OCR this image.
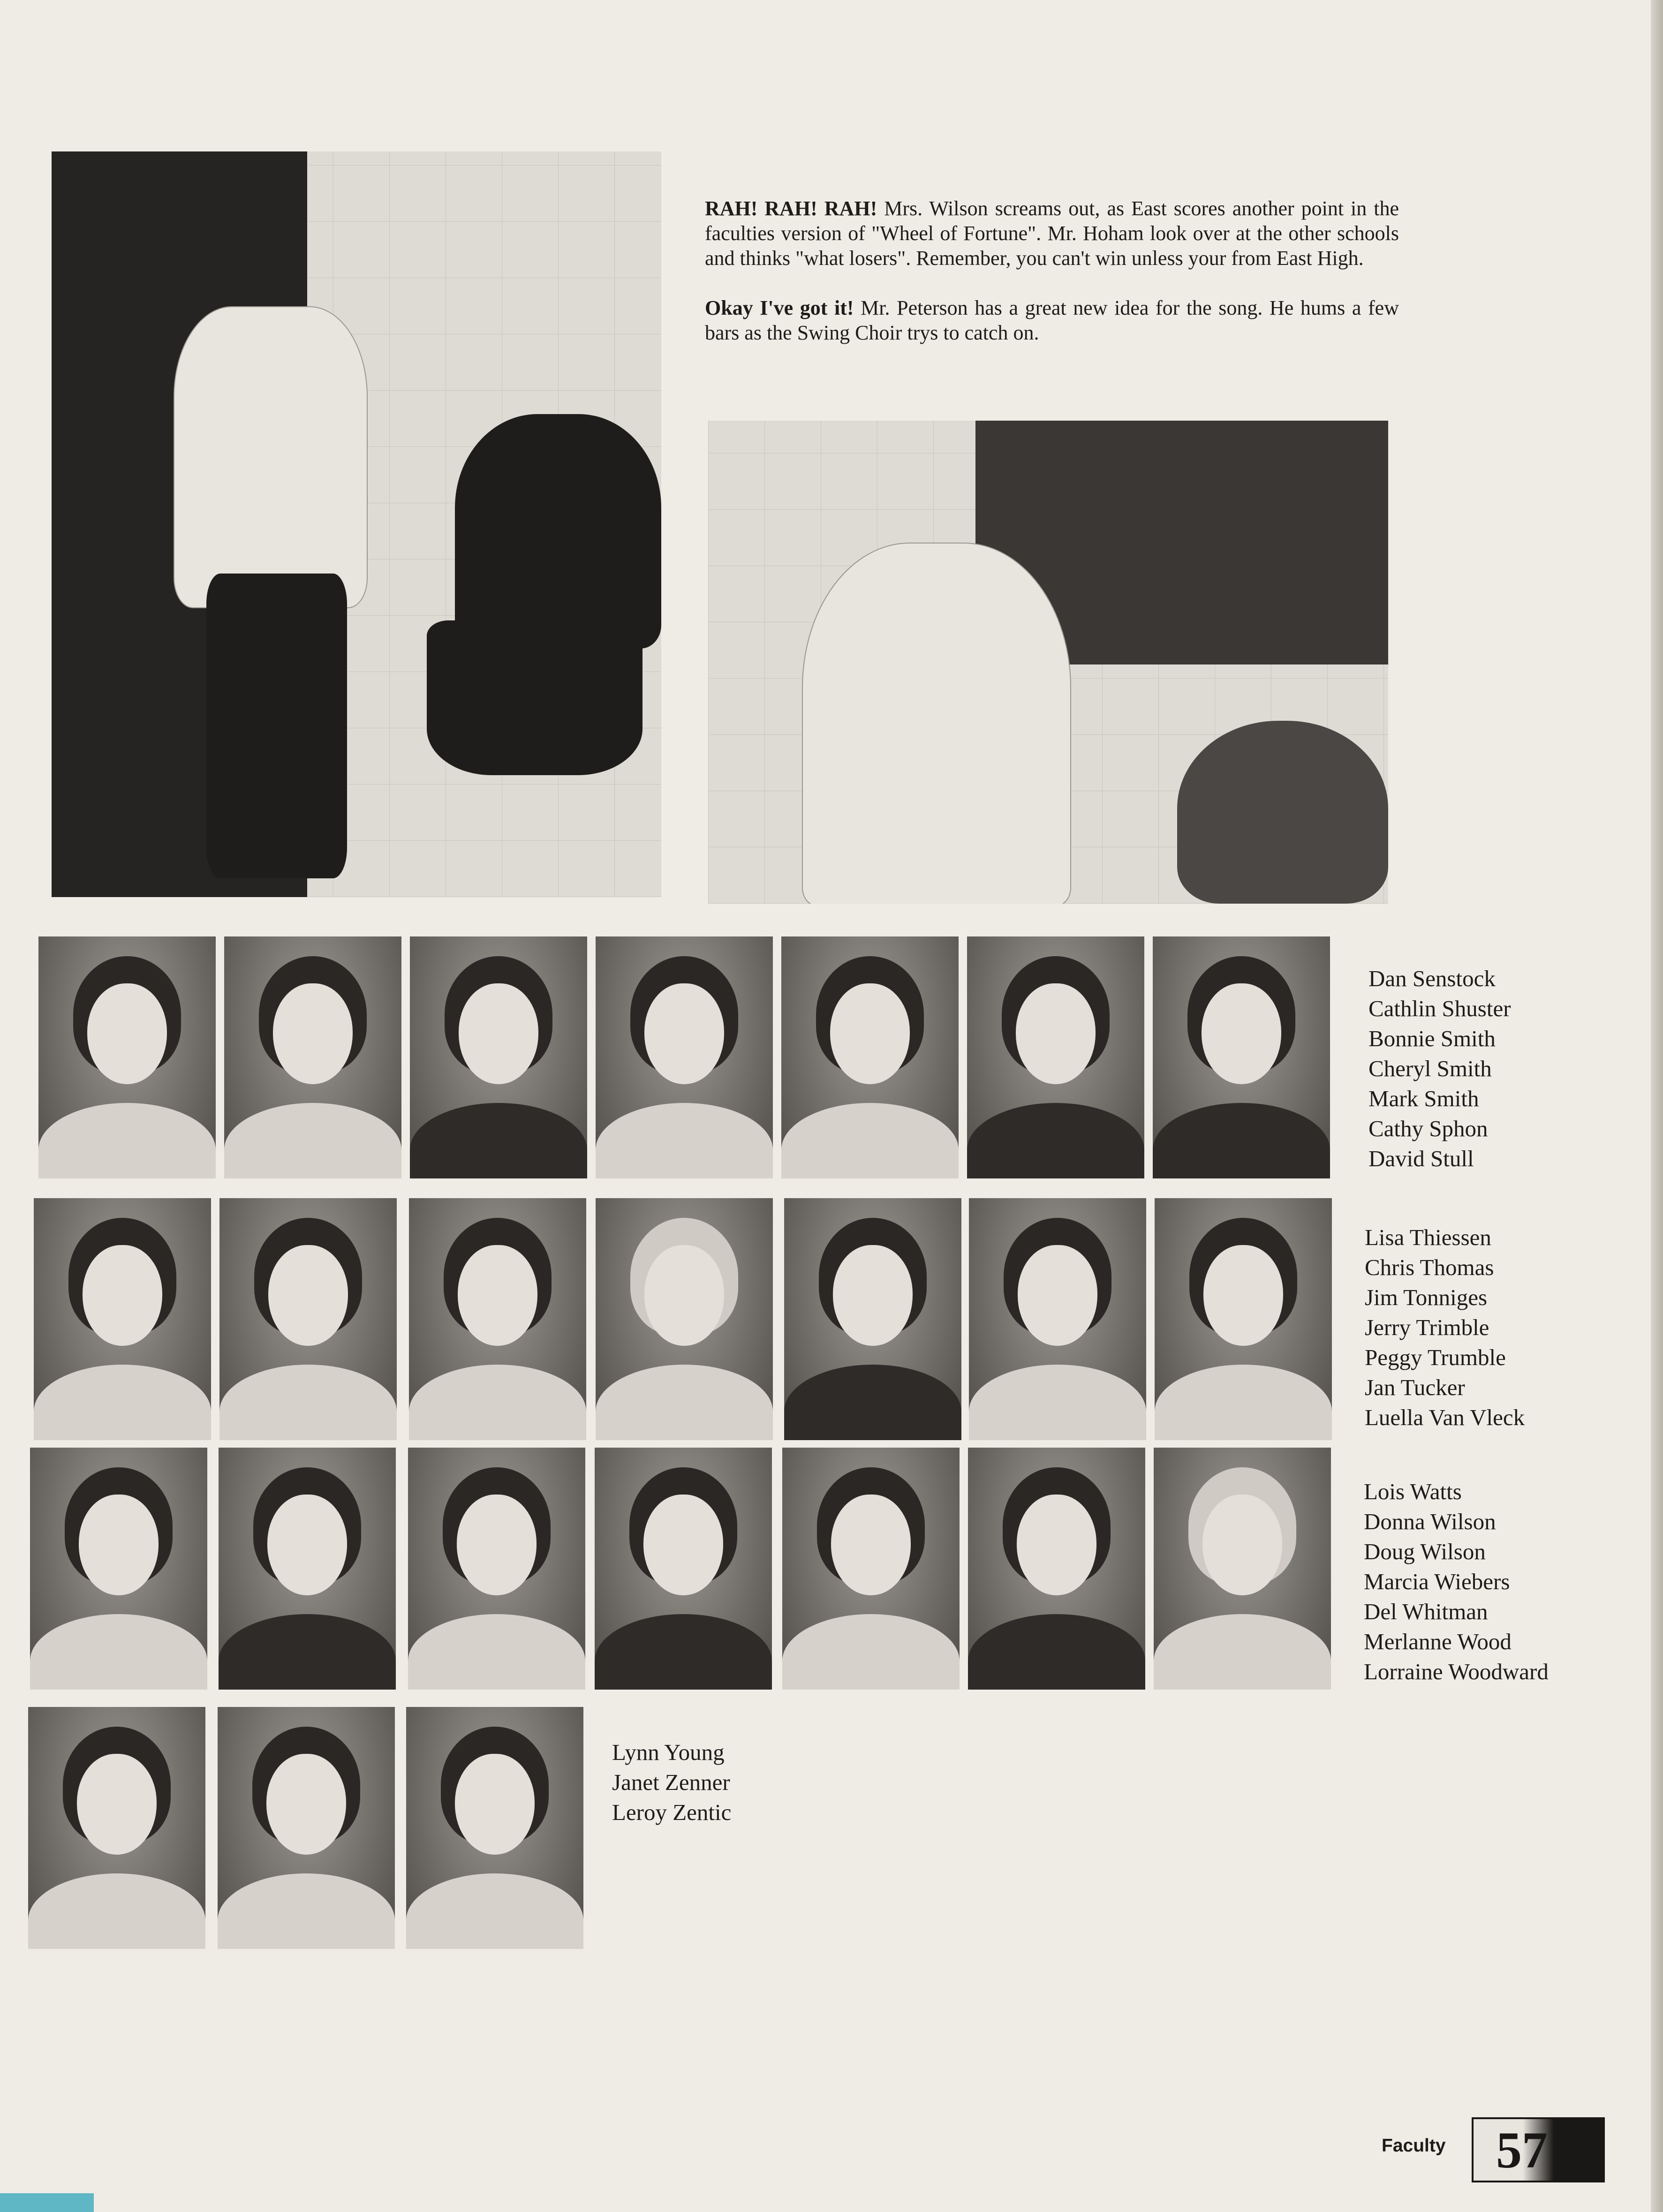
RAH! RAH! RAH! Mrs. Wilson screams out, as East scores another point in the faculties version of "Wheel of Fortune". Mr. Hoham look over at the other schools and thinks "what losers". Remember, you can't win unless your from East High.

Okay I've got it! Mr. Peterson has a great new idea for the song. He hums a few bars as the Swing Choir trys to catch on.

Dan Senstock
Cathlin Shuster
Bonnie Smith
Cheryl Smith
Mark Smith
Cathy Sphon
David Stull
Lisa Thiessen
Chris Thomas
Jim Tonniges
Jerry Trimble
Peggy Trumble
Jan Tucker
Luella Van Vleck
Lois Watts
Donna Wilson
Doug Wilson
Marcia Wiebers
Del Whitman
Merlanne Wood
Lorraine Woodward
Lynn Young
Janet Zenner
Leroy Zentic
Faculty 57
